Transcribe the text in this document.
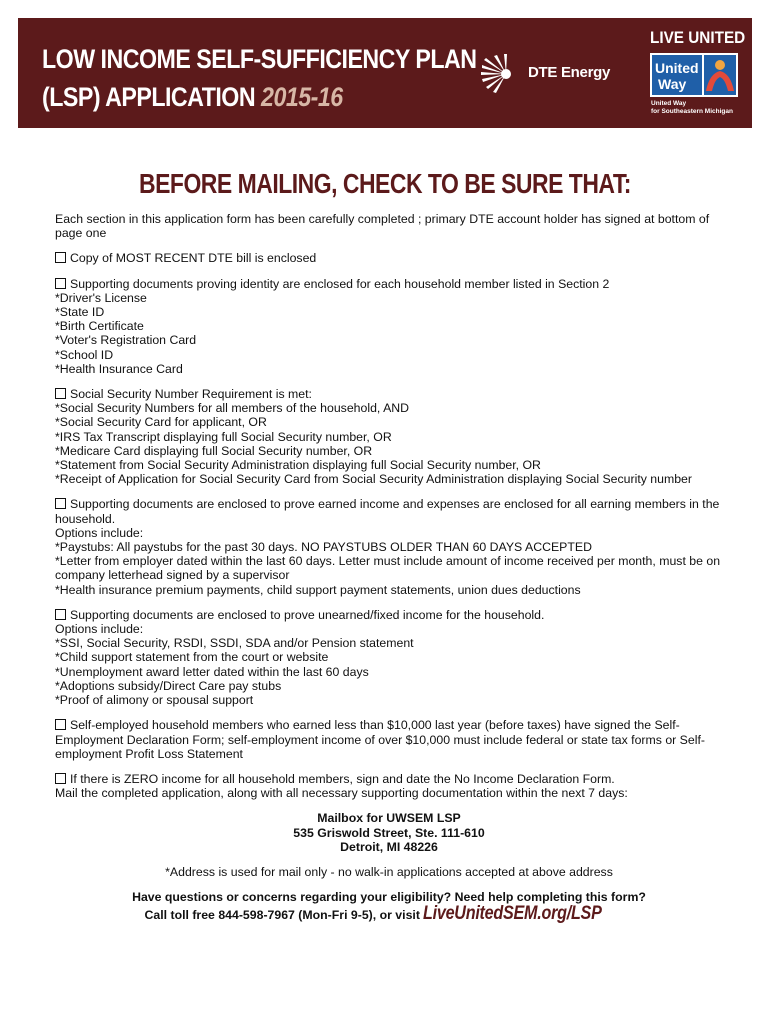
LOW INCOME SELF-SUFFICIENCY PLAN
(LSP) APPLICATION 2015-16
DTE Energy
LIVE UNITED
United
Way
United Way
for Southeastern Michigan
BEFORE MAILING, CHECK TO BE SURE THAT:
Each section in this application form has been carefully completed ; primary DTE account holder has signed at bottom of page one
Copy of MOST RECENT DTE bill is enclosed
Supporting documents proving identity are enclosed for each household member listed in Section 2
*Driver's License
*State ID
*Birth Certificate
*Voter's Registration Card
*School ID
*Health Insurance Card
Social Security Number Requirement is met:
*Social Security Numbers for all members of the household, AND
*Social Security Card for applicant, OR
*IRS Tax Transcript displaying full Social Security number, OR
*Medicare Card displaying full Social Security number, OR
*Statement from Social Security Administration displaying full Social Security number, OR
*Receipt of Application for Social Security Card from Social Security Administration displaying Social Security number
Supporting documents are enclosed to prove earned income and expenses are enclosed for all earning members in the household.
Options include:
*Paystubs: All paystubs for the past 30 days. NO PAYSTUBS OLDER THAN 60 DAYS ACCEPTED
*Letter from employer dated within the last 60 days. Letter must include amount of income received per month, must be on company letterhead signed by a supervisor
*Health insurance premium payments, child support payment statements, union dues deductions
Supporting documents are enclosed to prove unearned/fixed income for the household.
Options include:
*SSI, Social Security, RSDI, SSDI, SDA and/or Pension statement
*Child support statement from the court or website
*Unemployment award letter dated within the last 60 days
*Adoptions subsidy/Direct Care pay stubs
*Proof of alimony or spousal support
Self-employed household members who earned less than $10,000 last year (before taxes) have signed the Self-Employment Declaration Form; self-employment income of over $10,000 must include federal or state tax forms or Self-employment Profit Loss Statement
If there is ZERO income for all household members, sign and date the No Income Declaration Form.
Mail the completed application, along with all necessary supporting documentation within the next 7 days:
Mailbox for UWSEM LSP
535 Griswold Street, Ste. 111-610
Detroit, MI 48226
*Address is used for mail only - no walk-in applications accepted at above address
Have questions or concerns regarding your eligibility? Need help completing this form?
Call toll free 844-598-7967 (Mon-Fri 9-5), or visit LiveUnitedSEM.org/LSP
